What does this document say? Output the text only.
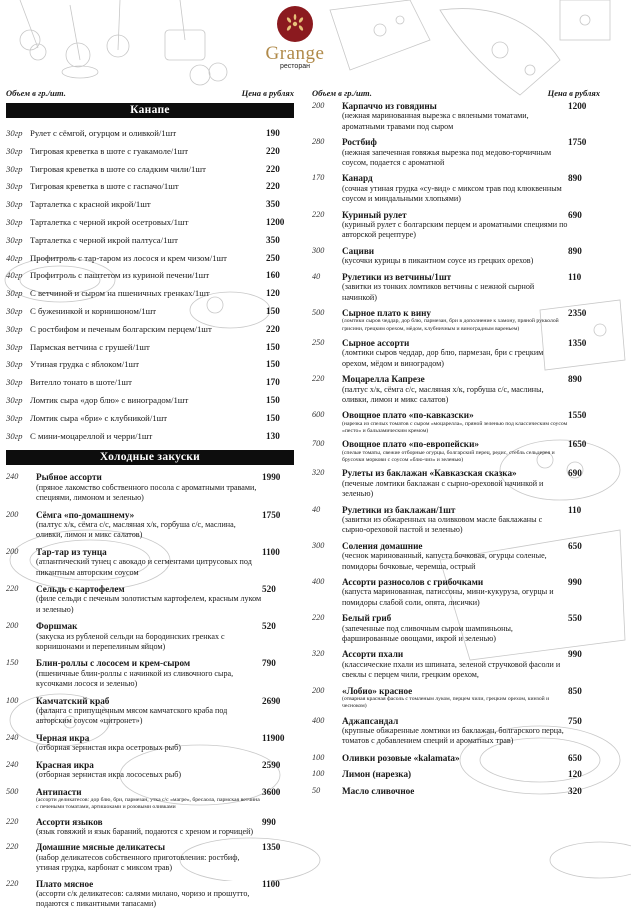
Grange
ресторан
Объем в гр./шт.	Цена в рублях
Канапе
30гр Рулет с сёмгой, огурцом и оливкой/1шт	190
30гр Тигровая креветка в шоте с гуакамоле/1шт	220
30гр Тигровая креветка в шоте со сладким чили/1шт	220
30гр Тигровая креветка в шоте с гаспачо/1шт	220
30гр Тарталетка с красной икрой/1шт	350
30гр Тарталетка с черной икрой осетровых/1шт	1200
30гр Тарталетка с черной икрой палтуса/1шт	350
40гр Профитроль с тар-таром из лосося и крем чизом/1шт	250
40гр Профитроль с паштетом из куриной печени/1шт	160
30гр С ветчиной и сыром на пшеничных гренках/1шт	120
30гр С буженинкой и корнишоном/1шт	150
30гр С ростбифом и печеным болгарским перцем/1шт	220
30гр Пармская ветчина с грушей/1шт	150
30гр Утиная грудка с яблоком/1шт	150
30гр Вителло тонато в шоте/1шт	170
30гр Ломтик сыра «дор блю» с виноградом/1шт	150
30гр Ломтик сыра «бри» с клубникой/1шт	150
30гр С мини-моцареллой и черри/1шт	130
Холодные закуски
240	Рыбное ассорти
(пряное лакомство собственного посола с ароматными травами, специями, лимоном и зеленью)
1990
200	Сёмга «по-домашнему»
(палтус х/к, сёмга с/с, масляная х/к, горбуша с/с, маслина, оливки, лимон и микс салатов)
1750
200	Тар-тар из тунца
(атлантический тунец с авокадо и сегментами цитрусовых под пикантным авторским соусом
1100
220	Сельдь с картофелем
(филе сельди с печеным золотистым картофелем, красным луком и зеленью)
520
200	Форшмак
(закуска из рубленой сельди на бородинских гренках с корнишонами и перепелиным яйцом)
520
150	Блин-роллы с лососем и крем-сыром
(пшеничные блин-роллы с начинкой из сливочного сыра, кусочками лосося и зеленью)
790
100	Камчатский краб
(фаланга с припущенным мясом камчатского краба под авторским соусом «цитронет»)
2690
240	Черная икра
(отборная зернистая икра осетровых рыб)
11900
240	Красная икра
(отборная зернистая икра лососевых рыб)
2590
500	Антипасти
(ассорти деликатесов: дор блю, бри, пармезан, утка с/с «магре», бресаола, пармская ветчина с печеными томатами, артишоками и розовыми оливками
3600
220	Ассорти языков
(язык говяжий и язык бараний, подаются с хреном и горчицей)
990
220	Домашние мясные деликатесы
(набор деликатесов собственного приготовления: ростбиф, утиная грудка, карбонат с миксом трав)
1350
220	Плато мясное
(ассорти с/к деликатесов: салями милано, чоризо и прошутто, подаются с пикантными тапасами)
1100
Объем в гр./шт.	Цена в рублях
200	Карпаччо из говядины
(нежная маринованная вырезка с вялеными томатами, ароматными травами под сыром
1200
280	Ростбиф
(нежная запеченная говяжья вырезка под медово-горчичным соусом, подается с ароматной
1750
170	Канард
(сочная утиная грудка «су-вид» с миксом трав под клюквенным соусом и миндальными хлопьями)
890
220	Куриный рулет
(куриный рулет с болгарским перцем и ароматными специями по авторской рецептуре)
690
300	Сациви
(кусочки курицы в пикантном соусе из грецких орехов)
890
40	Рулетики из ветчины/1шт
(завитки из тонких ломтиков ветчины с нежной сырной начинкой)
110
500	Сырное плато к вину
(ломтики сыров чеддар, дор блю, пармезан, бри в дополнение к хамону, пряной рукколой грисини, грецким орехом, мёдом, клубничным и виноградным вареньем)
2350
250	Сырное ассорти
(ломтики сыров чеддар, дор блю, пармезан, бри с грецким орехом, мёдом и виноградом)
1350
220	Моцарелла Капрезе
(палтус х/к, сёмга с/с, масляная х/к, горбуша с/с, маслины, оливки, лимон и микс салатов)
890
600	Овощное плато «по-кавказски»
(нарезка из спелых томатов с сыром «моцарелла», пряной зеленью под классическим соусом «песто» и бальзамическим кремом)
1550
700	Овощное плато «по-европейски»
(спелые томаты, свежие отборные огурцы, болгарский перец, редис, стебль сельдерея и брусочки моркови с соусом «блю-чиз» и зеленью)
1650
320	Рулеты из баклажан «Кавказская сказка»
(печеные ломтики баклажан с сырно-ореховой начинкой и зеленью)
690
40	Рулетики из баклажан/1шт
(завитки из обжаренных на оливковом масле баклажаны с сырно-ореховой пастой и зеленью)
110
300	Соления домашние
(чеснок маринованный, капуста бочковая, огурцы соленые, помидоры бочковые, черемша, острый
650
400	Ассорти разносолов с грибочками
(капуста маринованная, патиссоны, мини-кукуруза, огурцы и помидоры слабой соли, опята, лисички)
990
220	Белый гриб
(запеченные под сливочным сыром шампиньоны, фаршированные овощами, икрой и зеленью)
550
320	Ассорти пхали
(классические пхали из шпината, зеленой стручковой фасоли и свеклы с перцем чили, грецким орехом,
990
200	«Лобио» красное
(отварная красная фасоль с томленым луком, перцем чили, грецким орехом, кинзой и чесноком)
850
400	Аджапсандал
(крупные обжаренные ломтики из баклажан, болгарского перца, томатов с добавлением специй и ароматных трав)
750
100	Оливки розовые «kalamata»	650
100	Лимон (нарезка)	120
50	Масло сливочное	320
